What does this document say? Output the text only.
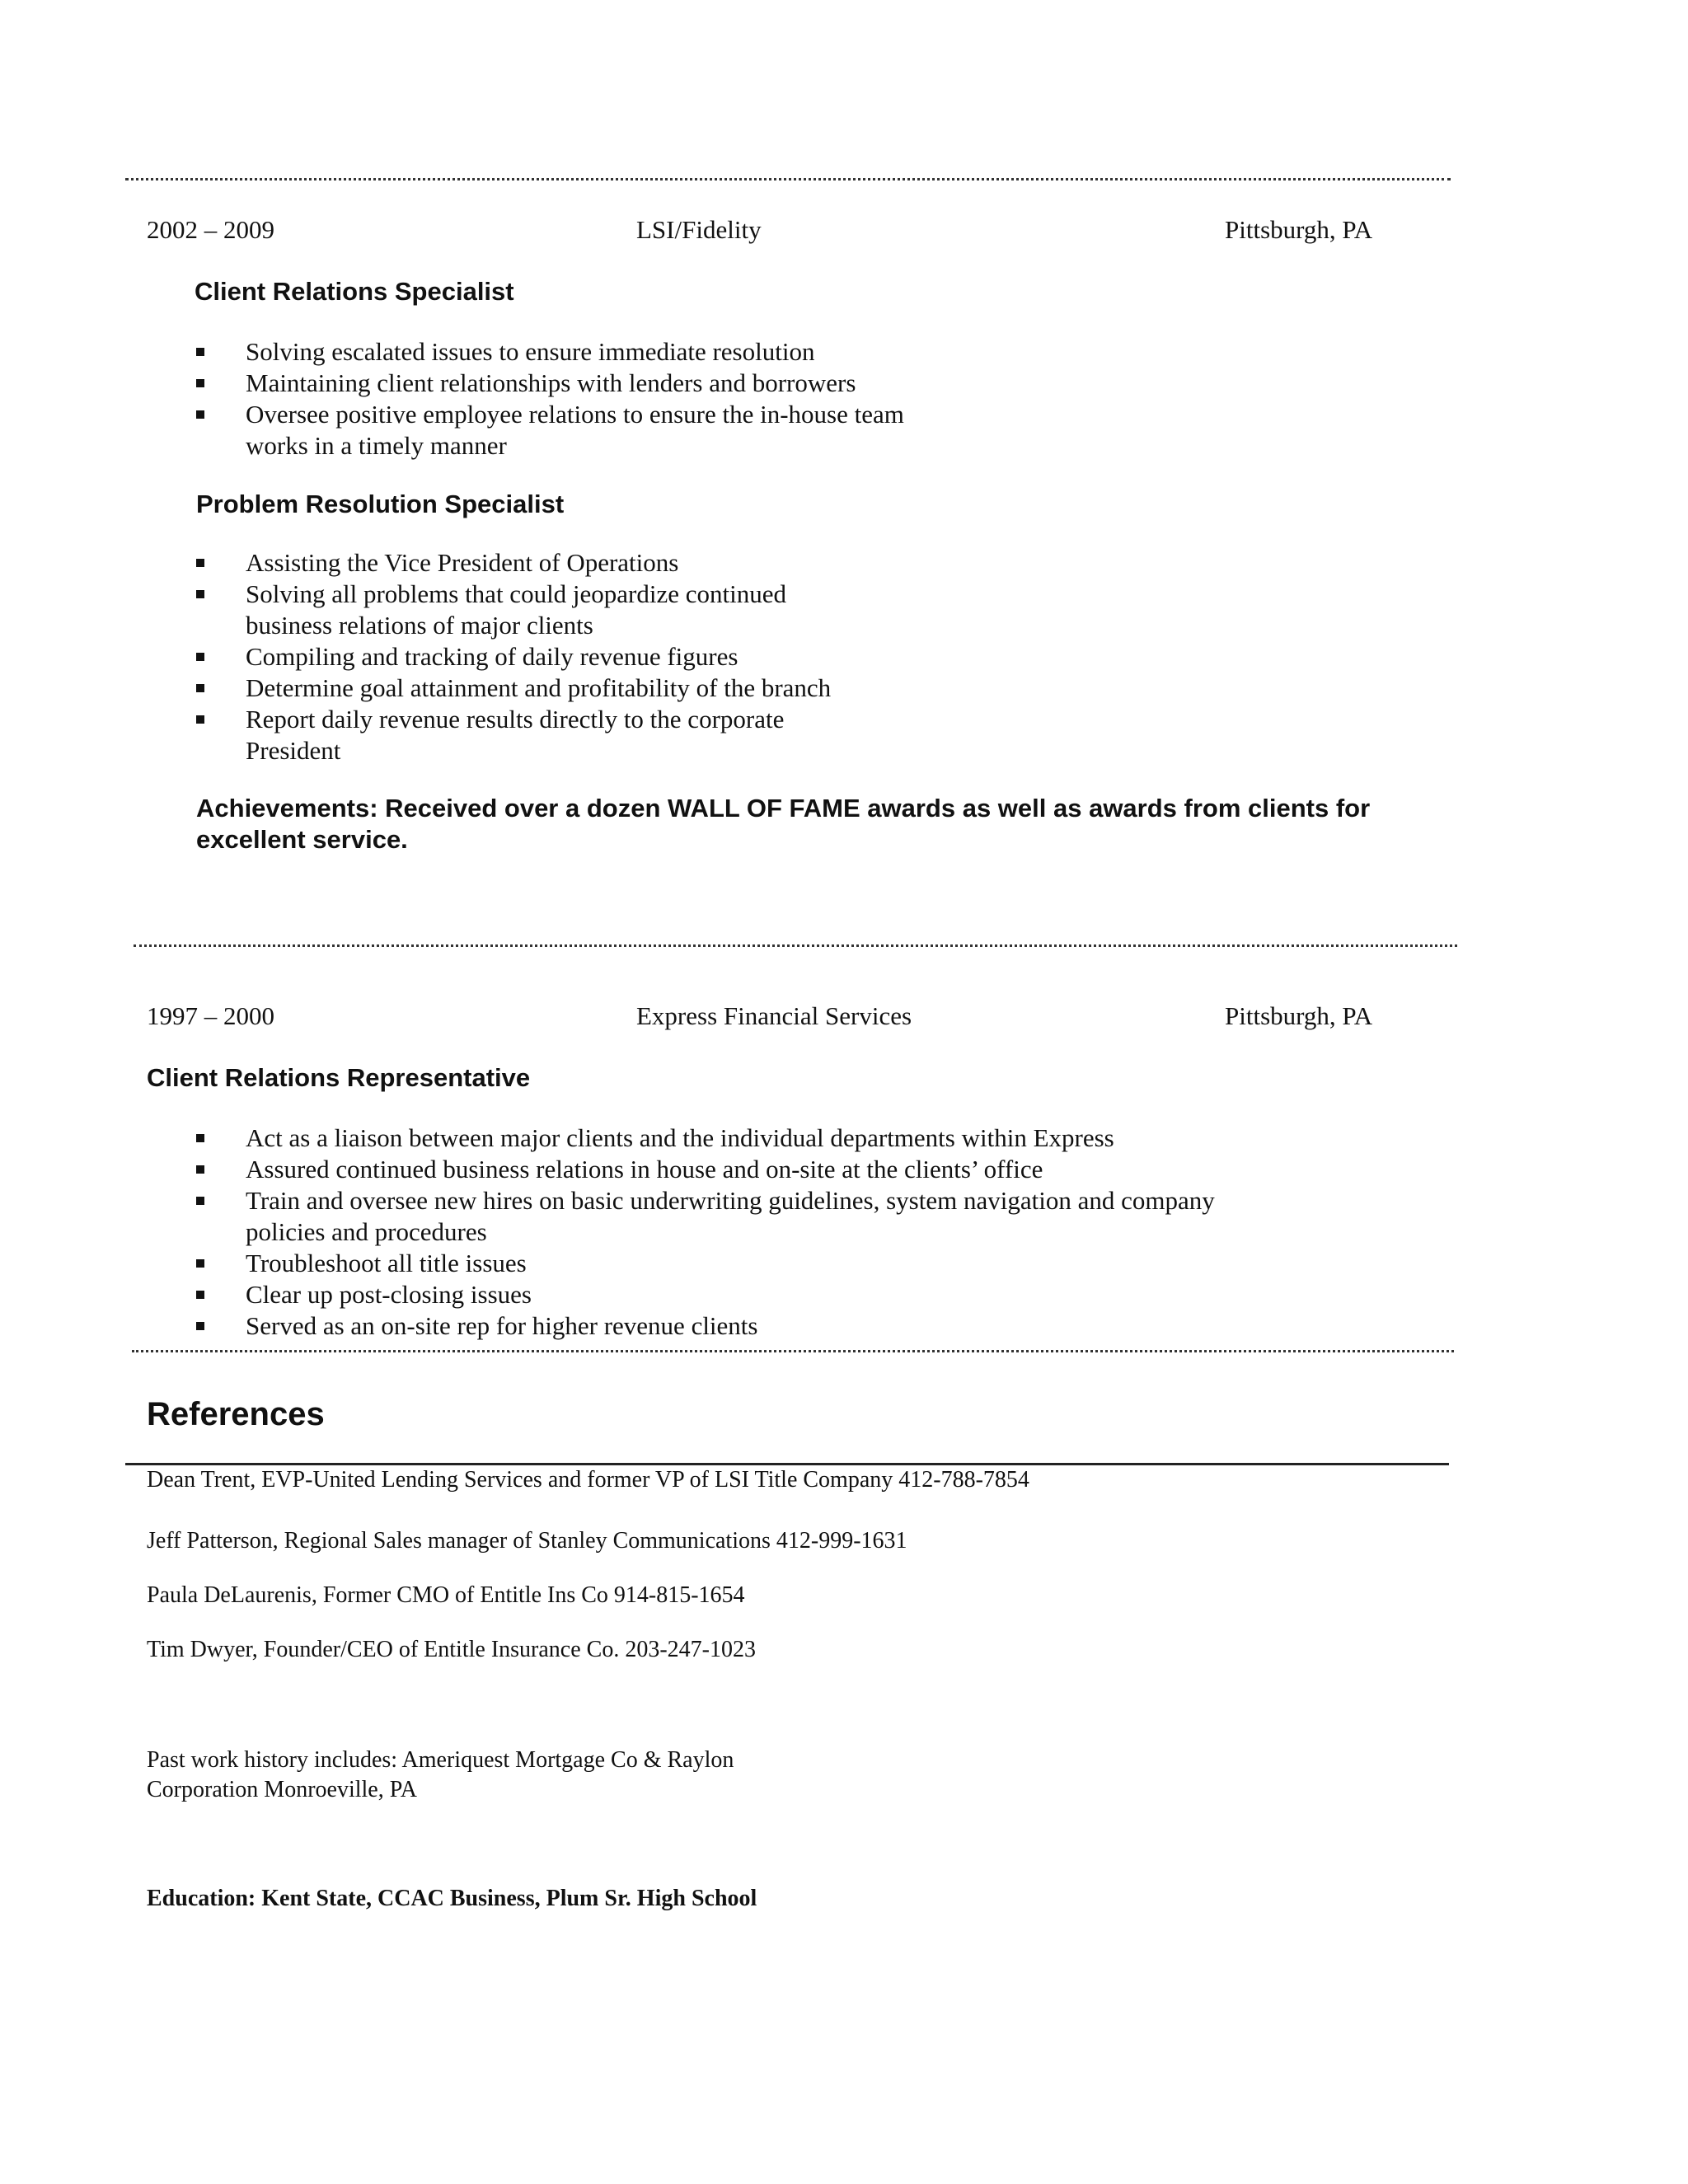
2002 – 2009	LSI/Fidelity	Pittsburgh, PA
Client Relations Specialist
Solving escalated issues to ensure immediate resolution
Maintaining client relationships with lenders and borrowers
Oversee positive employee relations to ensure the in-house team
works in a timely manner
Problem Resolution Specialist
Assisting the Vice President of Operations
Solving all problems that could jeopardize continued
business relations of major clients
Compiling and tracking of daily revenue figures
Determine goal attainment and profitability of the branch
Report daily revenue results directly to the corporate
President
Achievements: Received over a dozen WALL OF FAME awards as well as awards from clients for
excellent service.
1997 – 2000	Express Financial Services	Pittsburgh, PA
Client Relations Representative
Act as a liaison between major clients and the individual departments within Express
Assured continued business relations in house and on-site at the clients’ office
Train and oversee new hires on basic underwriting guidelines, system navigation and company
policies and procedures
Troubleshoot all title issues
Clear up post-closing issues
Served as an on-site rep for higher revenue clients
References
Dean Trent, EVP-United Lending Services and former VP of LSI Title Company 412-788-7854
Jeff Patterson, Regional Sales manager of Stanley Communications 412-999-1631
Paula DeLaurenis, Former CMO of Entitle Ins Co 914-815-1654
Tim Dwyer, Founder/CEO of Entitle Insurance Co. 203-247-1023
Past work history includes: Ameriquest Mortgage Co & Raylon
Corporation Monroeville, PA
Education: Kent State, CCAC Business, Plum Sr. High School
